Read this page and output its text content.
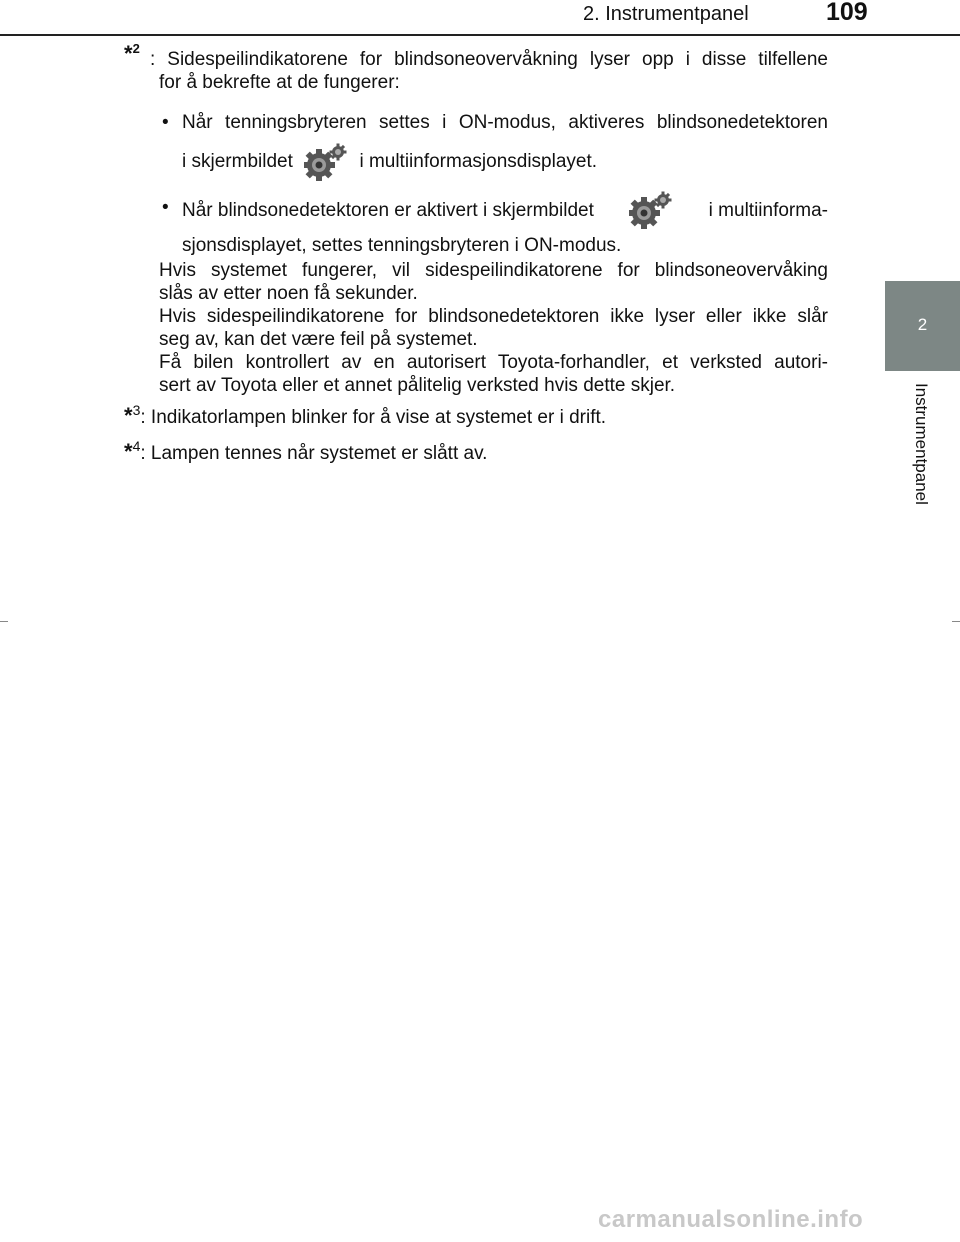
2. Instrumentpanel	109
2
Instrumentpanel
*$^2$
: Sidespeilindikatorene for blindsoneovervåkning lyser opp i disse tilfellene
for å bekrefte at de fungerer:
• Når tenningsbryteren settes i ON-modus, aktiveres blindsonedetektoren
i skjermbildet	i multiinformasjonsdisplayet.
• Når blindsonedetektoren er aktivert i skjermbildet	i multiinforma-
sjonsdisplayet, settes tenningsbryteren i ON-modus.
Hvis systemet fungerer, vil sidespeilindikatorene for blindsoneovervåking
slås av etter noen få sekunder.
Hvis sidespeilindikatorene for blindsonedetektoren ikke lyser eller ikke slår
seg av, kan det være feil på systemet.
Få bilen kontrollert av en autorisert Toyota-forhandler, et verksted autori-
sert av Toyota eller et annet pålitelig verksted hvis dette skjer.
*$^3$: Indikatorlampen blinker for å vise at systemet er i drift.
*$^4$: Lampen tennes når systemet er slått av.
carmanualsonline.info
